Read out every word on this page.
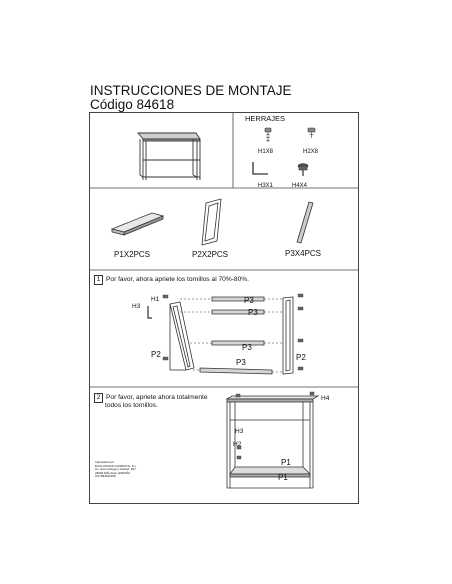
INSTRUCCIONES DE MONTAJE
Código 84618
HERRAJES
H1X8	H2X8
H3X1	H4X4
P1X2PCS	P2X2PCS	P3X4PCS
1 Por favor, ahora apriete los tornillos al 70%-80%.
H1
H3
P3
P3
P3
P3
P2	P2
2 Por favor, apriete ahora totalmente
todos los tornillos.
H4
H3
H2
P1
P1
Importado por:
EXCLUSIVAS CANDICTO, S.L.
Av. Juan Ortega y Gasset, 187
29006 MÁLAGA, ESPAÑA
CIF B94611469
